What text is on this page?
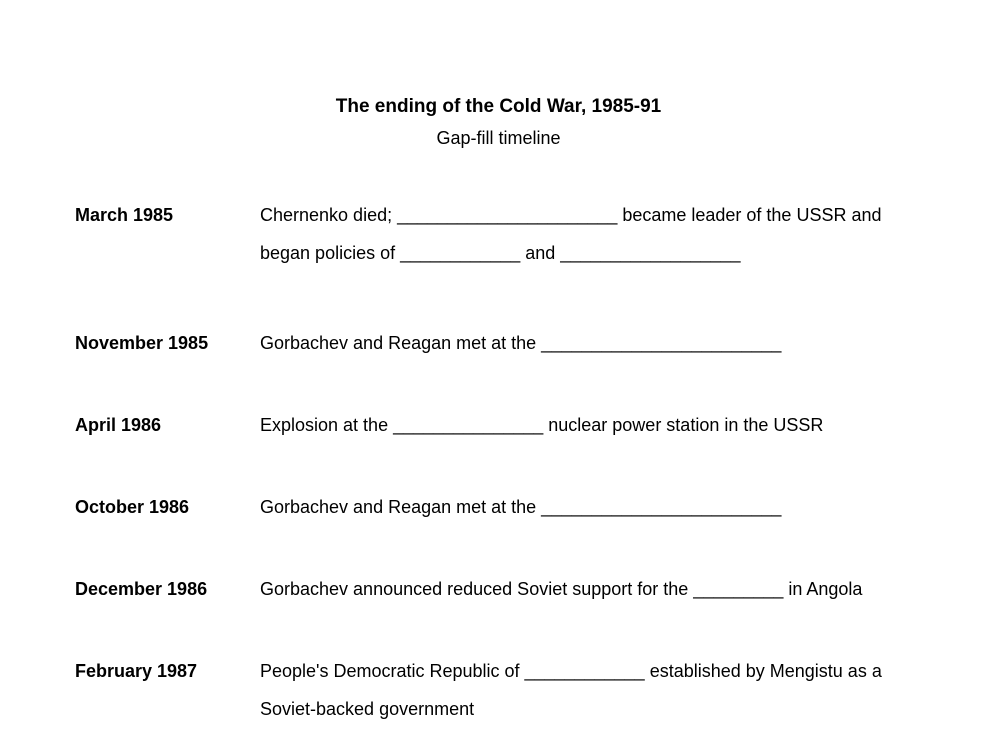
The ending of the Cold War, 1985-91
Gap-fill timeline
March 1985	Chernenko died; ______________________ became leader of the USSR and
began policies of ____________ and __________________
November 1985	Gorbachev and Reagan met at the ________________________
April 1986	Explosion at the _______________ nuclear power station in the USSR
October 1986	Gorbachev and Reagan met at the ________________________
December 1986	Gorbachev announced reduced Soviet support for the _________ in Angola
February 1987	People's Democratic Republic of ____________ established by Mengistu as a
Soviet-backed government
